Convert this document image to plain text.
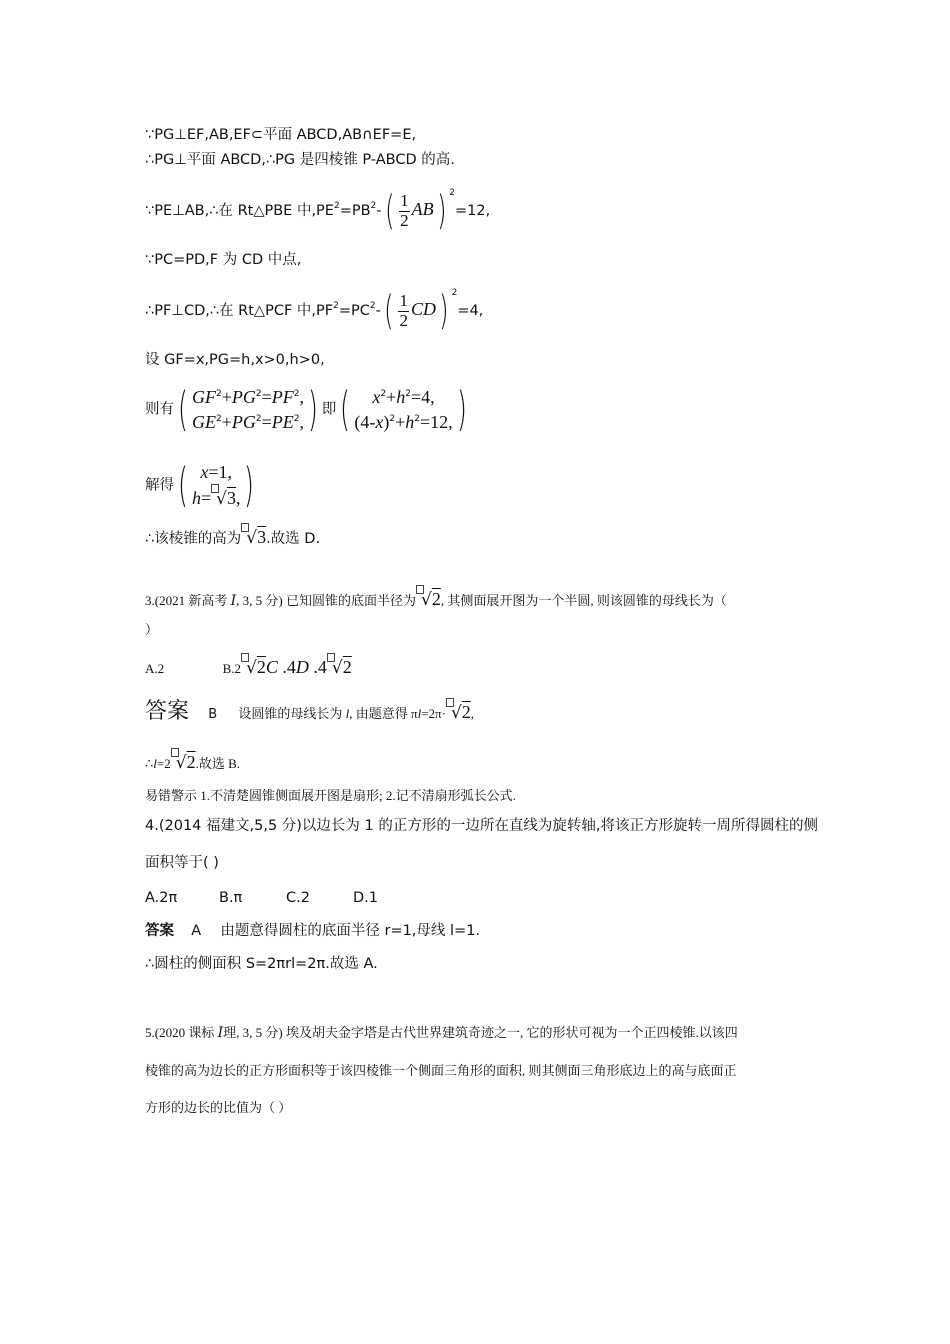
∵PG⊥EF,AB,EF⊂平面 ABCD,AB∩EF=E,
∴PG⊥平面 ABCD,∴PG 是四棱锥 P-ABCD 的高.
∵PE⊥AB,∴在 Rt△PBE 中$,PE^2=PB^2-( \frac{1}{2} AB)$ $^2$=12,
∵PC=PD,F 为 CD 中点,
∴PF⊥CD,∴在 Rt△PCF 中$,PF^2=PC^2-( \frac{1}{2} CD)$ $^2$=4,
设 GF=x,PG=h,x>0,h>0,
则有( $GF^2+PG^2=PF^2$,
$GE^2+PG^2=PE^2$, ) 即(	$x^2+h^2=4$,
$(4-x)^2+h^2=12$, )
解得( x=1,
h= √3, )
∴该棱锥的高为 √3.故选 D.
3.(2021 新高考 Ⅰ, 3, 5 分) 已知圆锥的底面半径为 √2, 其侧面展开图为一个半圆, 则该圆锥的母线长为（
）
A.2	B.2 √2C .4D .4 √2
答案 B 设圆锥的母线长为 l, 由题意得 πl=2π· √2,
∴l=2 √2.故选 B.
易错警示 1.不清楚圆锥侧面展开图是扇形; 2.记不清扇形弧长公式.
4.(2014 福建文,5,5 分)以边长为 1 的正方形的一边所在直线为旋转轴,将该正方形旋转一周所得圆柱的侧
面积等于( )
A.2π	B.π	C.2	D.1
答案 A 由题意得圆柱的底面半径 r=1,母线 l=1.
∴圆柱的侧面积 S=2πrl=2π.故选 A.
5.(2020 课标 Ⅰ理, 3, 5 分) 埃及胡夫金字塔是古代世界建筑奇迹之一, 它的形状可视为一个正四棱锥.以该四
棱锥的高为边长的正方形面积等于该四棱锥一个侧面三角形的面积, 则其侧面三角形底边上的高与底面正
方形的边长的比值为（ ）
